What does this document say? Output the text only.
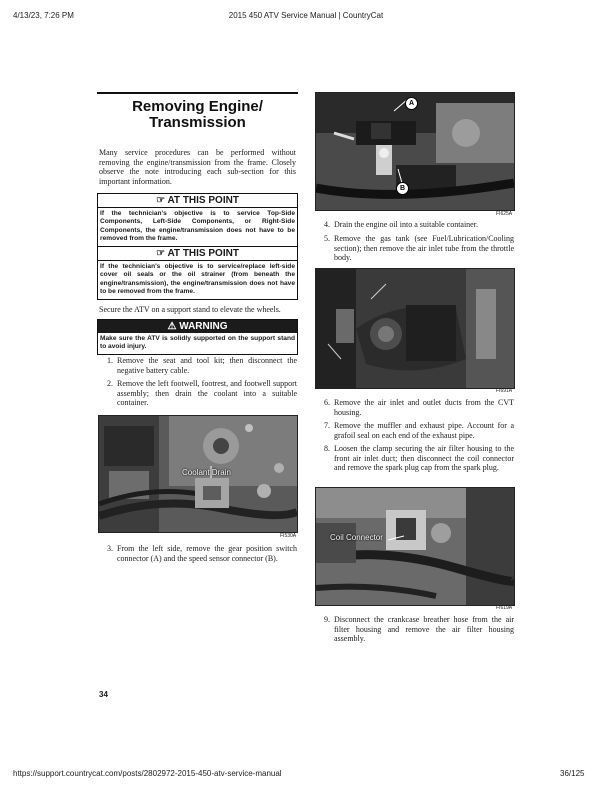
4/13/23, 7:26 PM	2015 450 ATV Service Manual | CountryCat
Removing Engine/
Transmission
Many service procedures can be performed without removing the engine/transmission from the frame. Closely observe the note introducing each sub-section for this important information.
☞ AT THIS POINT
If the technician's objective is to service Top-Side Components, Left-Side Components, or Right-Side Components, the engine/transmission does not have to be removed from the frame.
☞ AT THIS POINT
If the technician's objective is to service/replace left-side cover oil seals or the oil strainer (from beneath the engine/transmission), the engine/transmission does not have to be removed from the frame.
Secure the ATV on a support stand to elevate the wheels.
⚠ WARNING
Make sure the ATV is solidly supported on the support stand to avoid injury.
1. Remove the seat and tool kit; then disconnect the negative battery cable.
2. Remove the left footwell, footrest, and footwell support assembly; then drain the coolant into a suitable container.
Coolant Drain
FI530A
3. From the left side, remove the gear position switch connector (A) and the speed sensor connector (B).
34
A
B
FI625A
4. Drain the engine oil into a suitable container.
5. Remove the gas tank (see Fuel/Lubrication/Cooling section); then remove the air inlet tube from the throttle body.
FI691A
6. Remove the air inlet and outlet ducts from the CVT housing.
7. Remove the muffler and exhaust pipe. Account for a grafoil seal on each end of the exhaust pipe.
8. Loosen the clamp securing the air filter housing to the front air inlet duct; then disconnect the coil connector and remove the spark plug cap from the spark plug.
Coil Connector
FI619A
9. Disconnect the crankcase breather hose from the air filter housing and remove the air filter housing assembly.
https://support.countrycat.com/posts/2802972-2015-450-atv-service-manual	36/125
